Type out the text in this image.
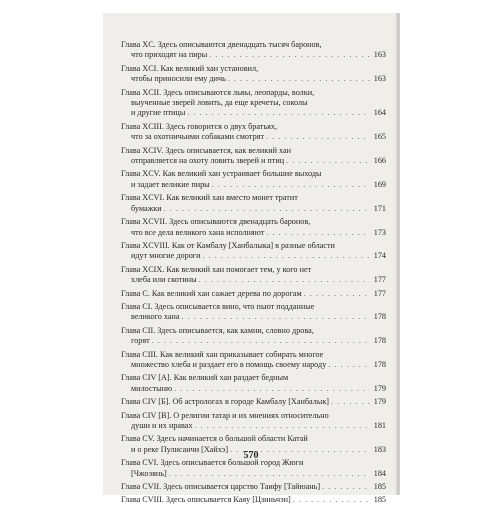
Глава XC. Здесь описываются двенадцать тысяч баронов,
что приходят на пиры . . .	163
Глава XCI. Как великий хан установил,
чтобы приносили ему дичь . . .	163
Глава XCII. Здесь описываются львы, леопарды, волки,
выученные зверей ловить, да еще кречеты, соколы
и другие птицы . . .	164
Глава XCIII. Здесь говорится о двух братьях,
что за охотничьими собаками смотрят . . .	165
Глава XCIV. Здесь описывается, как великий хан
отправляется на охоту ловить зверей и птиц . . .	166
Глава XCV. Как великий хан устраивает большие выходы
и задает великие пиры . . .	169
Глава XCVI. Как великий хан вместо монет тратит
бумажки . . .	171
Глава XCVII. Здесь описываются двенадцать баронов,
что все дела великого хана исполняют . . .	173
Глава XCVIII. Как от Камбалу [Ханбалыка] в разные области
идут многие дороги . . .	174
Глава XCIX. Как великий хан помогает тем, у кого нет
хлеба или скотины . . .	177
Глава C. Как великий хан сажает дерева по дорогам . . .	177
Глава CI. Здесь описывается вино, что пьют подданные
великого хана . . .	178
Глава CII. Здесь описывается, как камни, словно дрова,
горят . . .	178
Глава CIII. Как великий хан приказывает собирать многое
множество хлеба и раздает его в помощь своему народу . . .	178
Глава CIV [A]. Как великий хан раздает бедным
милостыню . . .	179
Глава CIV [Б]. Об астрологах в городе Камбалу [Ханбалык] . . .	179
Глава CIV [В]. О религии татар и их мнениях относительно
души и их нравах . . .	181
Глава CV. Здесь начинается о большой области Катай
и о реке Пулисанчи [Хайхэ] . . .	183
Глава CVI. Здесь описывается большой город Жюги
[Чжоэянь] . . .	184
Глава CVII. Здесь описывается царство Таифу [Тайюань] . . .	185
Глава CVIII. Здесь описывается Каяу [Цзиньчэн] . . .	185
570
